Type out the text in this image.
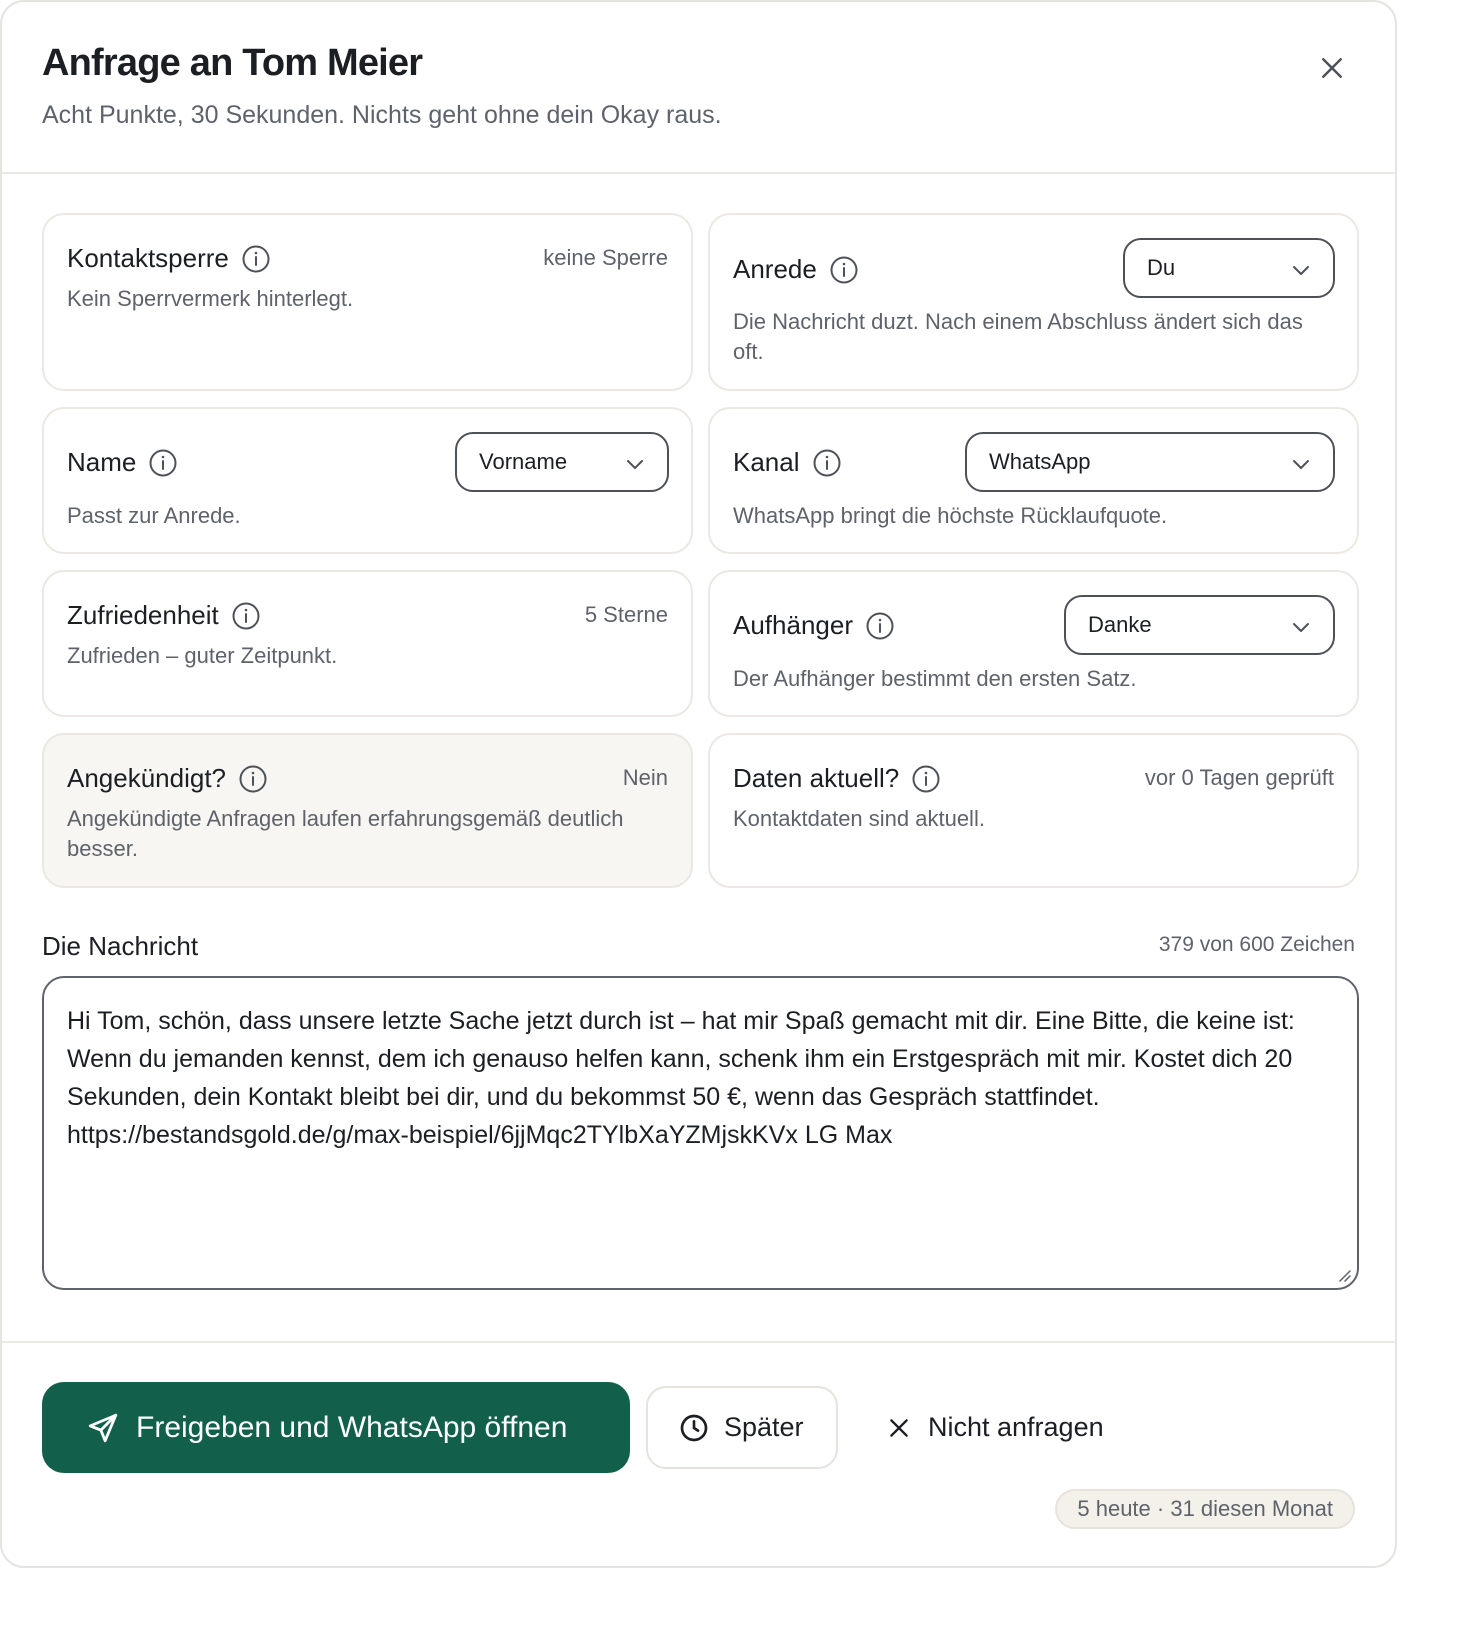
Anfrage an Tom Meier
Acht Punkte, 30 Sekunden. Nichts geht ohne dein Okay raus.
Kontaktsperre	keine Sperre
Kein Sperrvermerk hinterlegt.
Anrede	Du
Die Nachricht duzt. Nach einem Abschluss ändert sich das oft.
Name	Vorname
Passt zur Anrede.
Kanal	WhatsApp
WhatsApp bringt die höchste Rücklaufquote.
Zufriedenheit	5 Sterne
Zufrieden – guter Zeitpunkt.
Aufhänger	Danke
Der Aufhänger bestimmt den ersten Satz.
Angekündigt?	Nein
Angekündigte Anfragen laufen erfahrungsgemäß deutlich besser.
Daten aktuell?	vor 0 Tagen geprüft
Kontaktdaten sind aktuell.
Die Nachricht	379 von 600 Zeichen
Hi Tom, schön, dass unsere letzte Sache jetzt durch ist – hat mir Spaß gemacht mit dir. Eine Bitte, die keine ist: Wenn du jemanden kennst, dem ich genauso helfen kann, schenk ihm ein Erstgespräch mit mir. Kostet dich 20 Sekunden, dein Kontakt bleibt bei dir, und du bekommst 50 €, wenn das Gespräch stattfindet. https://bestandsgold.de/g/max-beispiel/6jjMqc2TYlbXaYZMjskKVx LG Max
Freigeben und WhatsApp öffnen	Später	Nicht anfragen
5 heute · 31 diesen Monat
